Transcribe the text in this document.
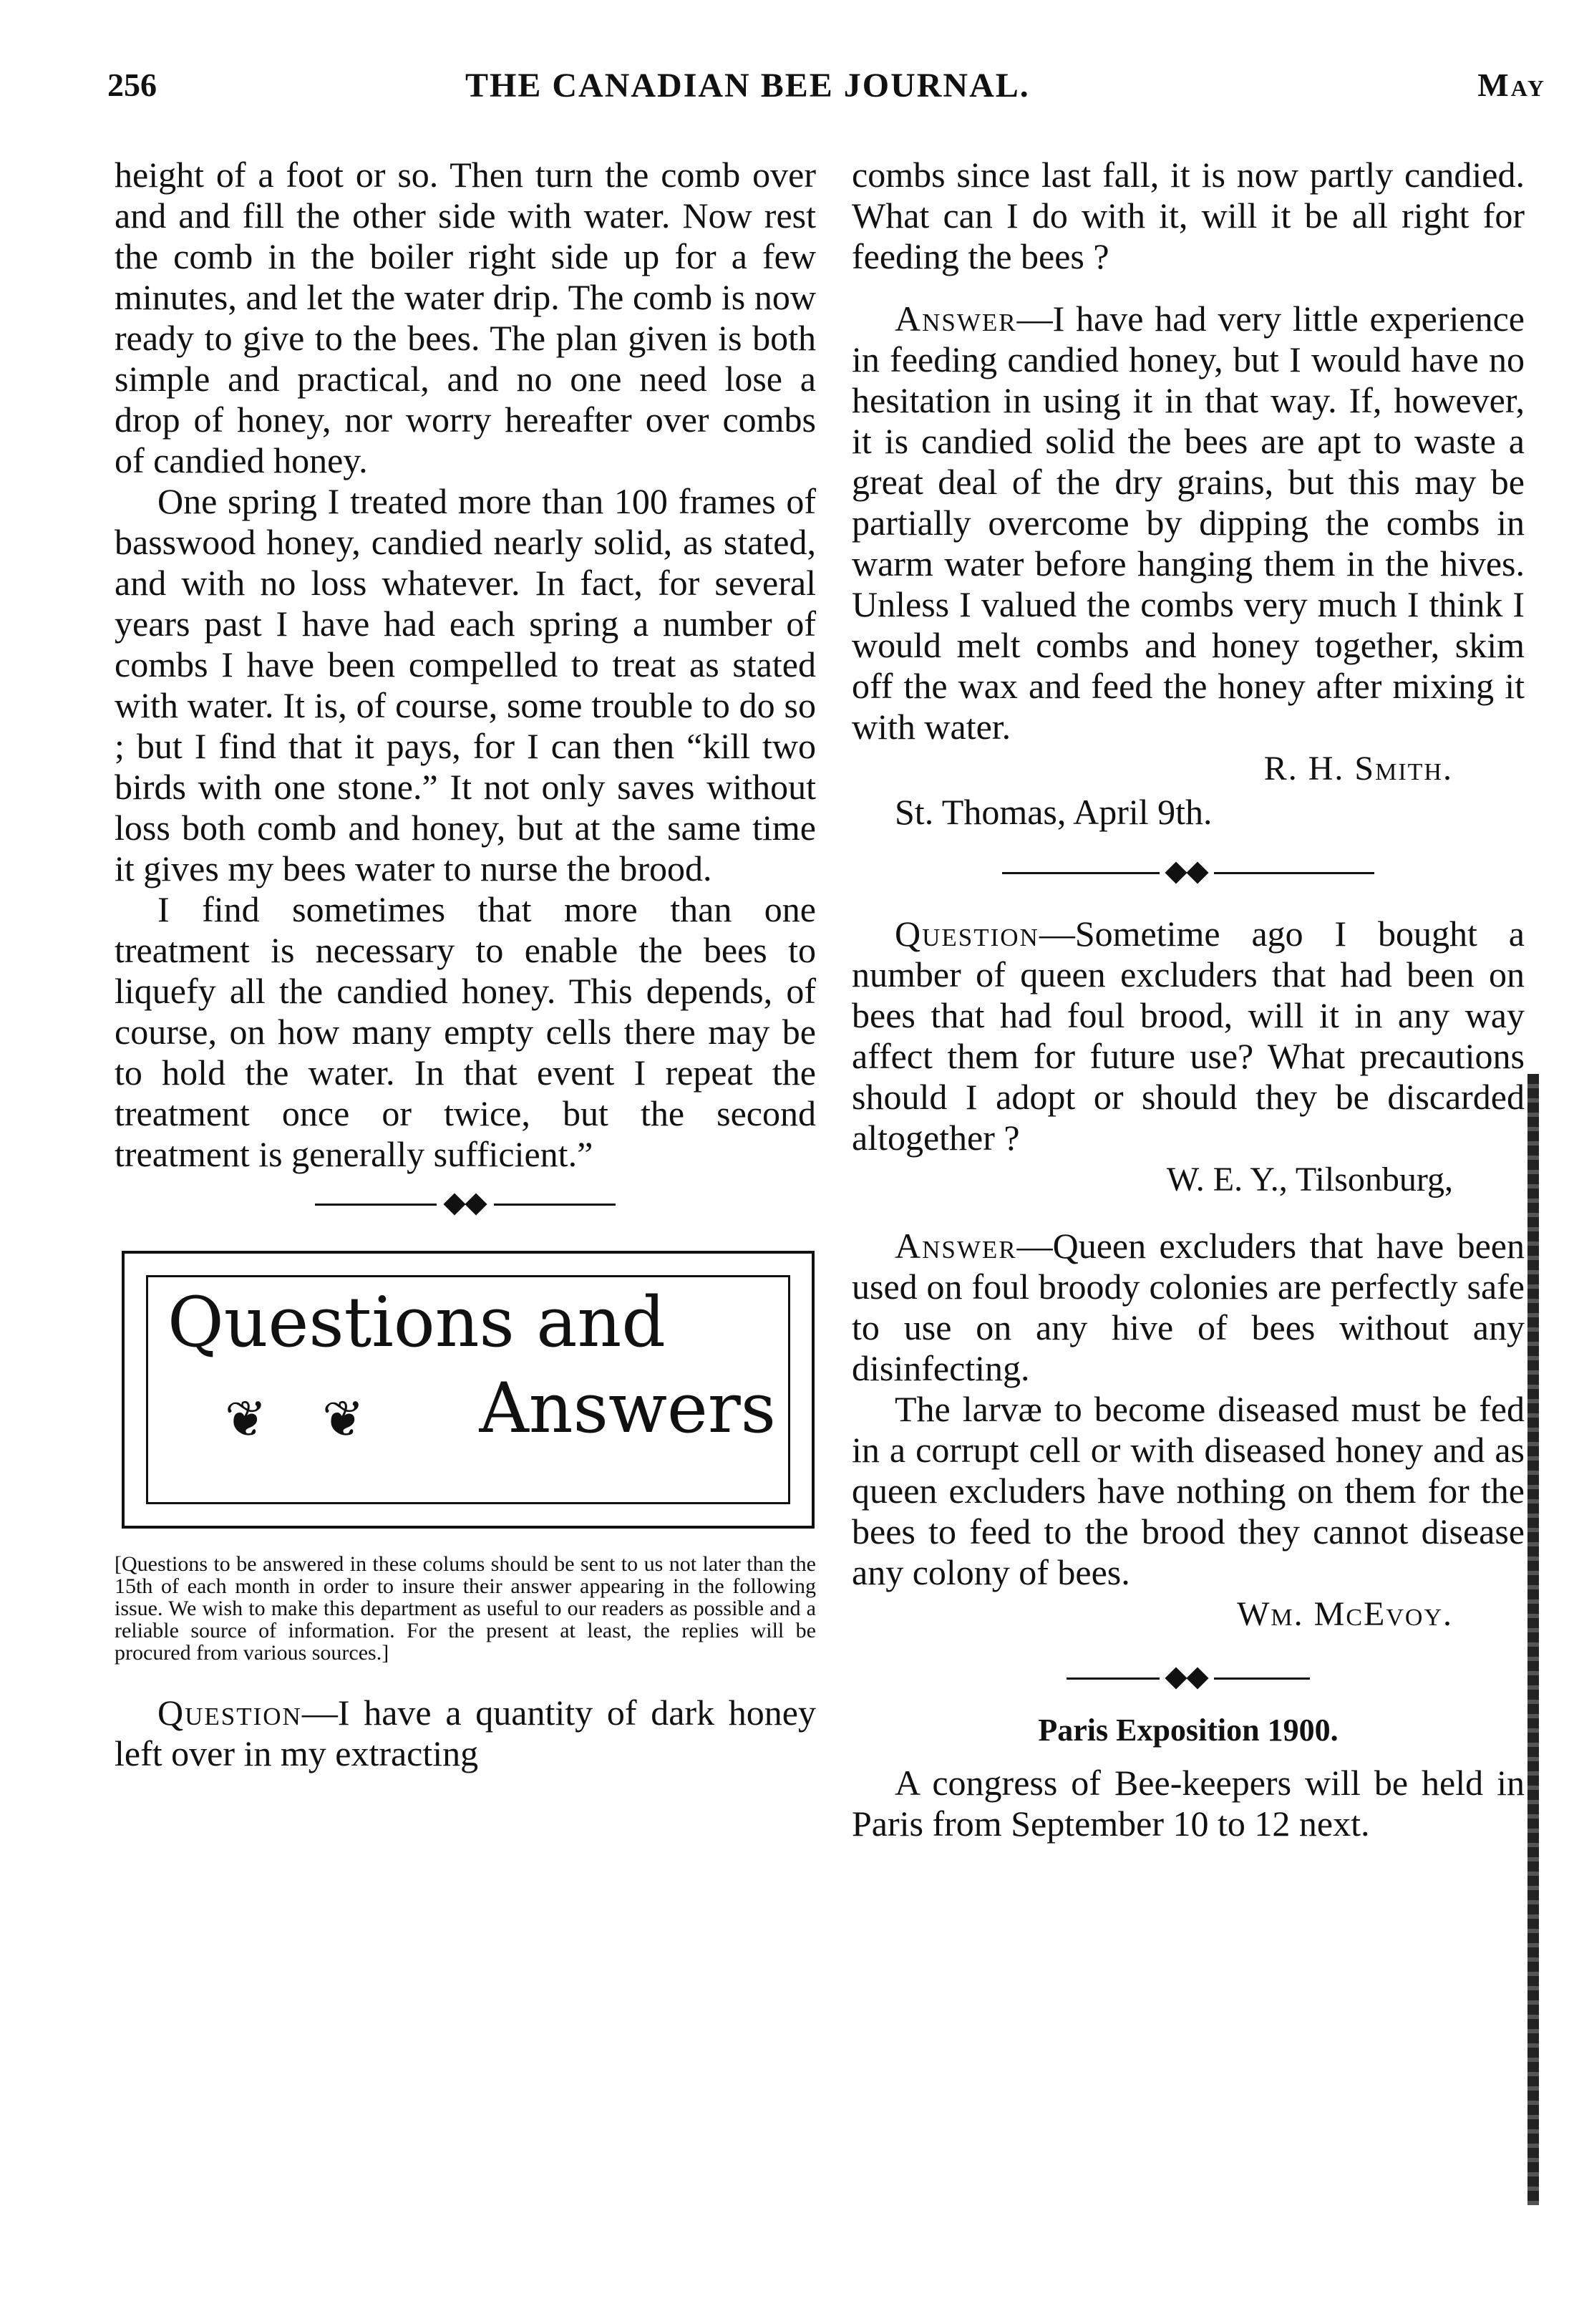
256	THE CANADIAN BEE JOURNAL.	May

height of a foot or so. Then turn the comb over and and fill the other side with water. Now rest the comb in the boiler right side up for a few minutes, and let the water drip. The comb is now ready to give to the bees. The plan given is both simple and practical, and no one need lose a drop of honey, nor worry hereafter over combs of candied honey.

One spring I treated more than 100 frames of basswood honey, candied nearly solid, as stated, and with no loss whatever. In fact, for several years past I have had each spring a number of combs I have been compelled to treat as stated with water. It is, of course, some trouble to do so ; but I find that it pays, for I can then “kill two birds with one stone.” It not only saves without loss both comb and honey, but at the same time it gives my bees water to nurse the brood.

I find sometimes that more than one treatment is necessary to enable the bees to liquefy all the candied honey. This depends, of course, on how many empty cells there may be to hold the water. In that event I repeat the treatment once or twice, but the second treatment is generally sufficient.”

Questions and
❦ ❦ Answers

[Questions to be answered in these colums should be sent to us not later than the 15th of each month in order to insure their answer appearing in the following issue. We wish to make this department as useful to our readers as possible and a reliable source of information. For the present at least, the replies will be procured from various sources.]

Question—I have a quantity of dark honey left over in my extracting

combs since last fall, it is now partly candied. What can I do with it, will it be all right for feeding the bees ?

Answer—I have had very little experience in feeding candied honey, but I would have no hesitation in using it in that way. If, however, it is candied solid the bees are apt to waste a great deal of the dry grains, but this may be partially overcome by dipping the combs in warm water before hanging them in the hives. Unless I valued the combs very much I think I would melt combs and honey together, skim off the wax and feed the honey after mixing it with water.

R. H. Smith.
St. Thomas, April 9th.

Question—Sometime ago I bought a number of queen excluders that had been on bees that had foul brood, will it in any way affect them for future use? What precautions should I adopt or should they be discarded altogether ?

W. E. Y., Tilsonburg,

Answer—Queen excluders that have been used on foul broody colonies are perfectly safe to use on any hive of bees without any disinfecting.

The larvæ to become diseased must be fed in a corrupt cell or with diseased honey and as queen excluders have nothing on them for the bees to feed to the brood they cannot disease any colony of bees.

Wm. McEvoy.
Paris Exposition 1900.

A congress of Bee-keepers will be held in Paris from September 10 to 12 next.
